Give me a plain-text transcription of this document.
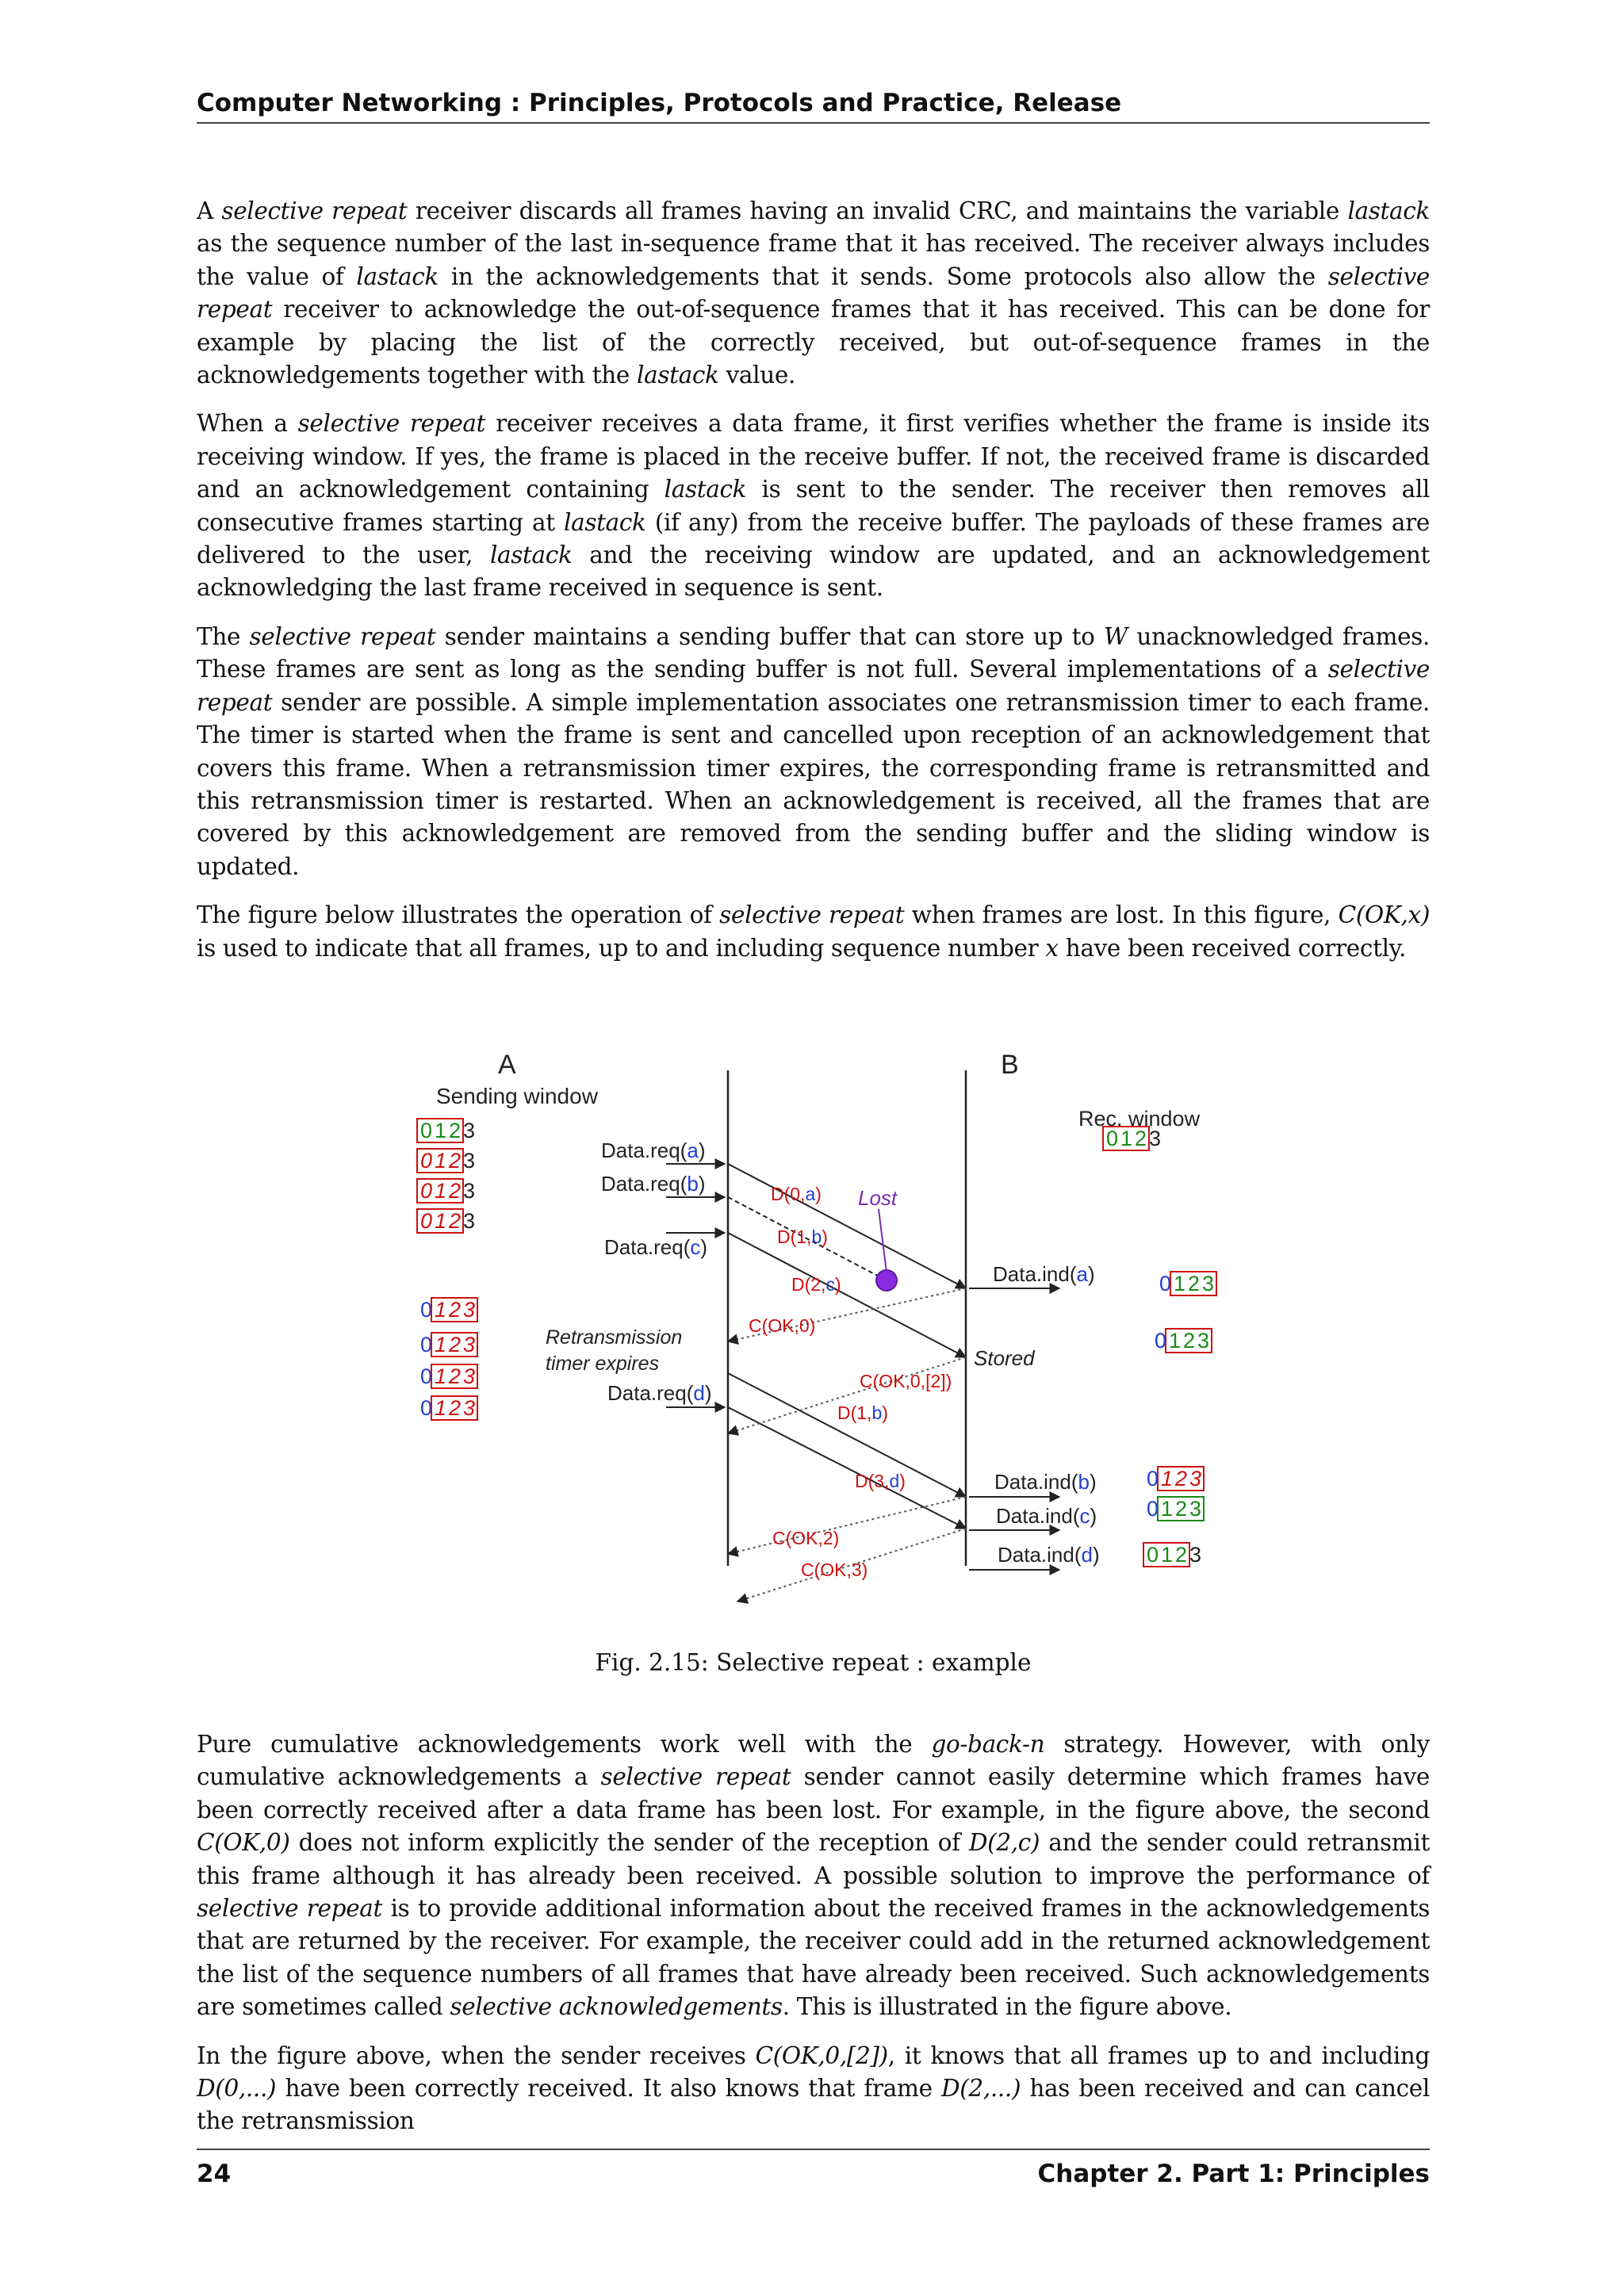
Computer Networking : Principles, Protocols and Practice, Release

A selective repeat receiver discards all frames having an invalid CRC, and maintains the variable lastack as the sequence number of the last in-sequence frame that it has received. The receiver always includes the value of lastack in the acknowledgements that it sends. Some protocols also allow the selective repeat receiver to acknowledge the out-of-sequence frames that it has received. This can be done for example by placing the list of the correctly received, but out-of-sequence frames in the acknowledgements together with the lastack value.

When a selective repeat receiver receives a data frame, it first verifies whether the frame is inside its receiving window. If yes, the frame is placed in the receive buffer. If not, the received frame is discarded and an acknowledgement containing lastack is sent to the sender. The receiver then removes all consecutive frames starting at lastack (if any) from the receive buffer. The payloads of these frames are delivered to the user, lastack and the receiving window are updated, and an acknowledgement acknowledging the last frame received in sequence is sent.

The selective repeat sender maintains a sending buffer that can store up to W unacknowledged frames. These frames are sent as long as the sending buffer is not full. Several implementations of a selective repeat sender are possible. A simple implementation associates one retransmission timer to each frame. The timer is started when the frame is sent and cancelled upon reception of an acknowledgement that covers this frame. When a retransmission timer expires, the corresponding frame is retransmitted and this retransmission timer is restarted. When an acknowledgement is received, all the frames that are covered by this acknowledgement are removed from the sending buffer and the sliding window is updated.

The figure below illustrates the operation of selective repeat when frames are lost. In this figure, C(OK,x) is used to indicate that all frames, up to and including sequence number x have been received correctly.

A
Sending window
B
Rec. window
Lost
Stored
Retransmission
timer expires
Data.req(a)
Data.req(b)
Data.req(c)
Data.req(d)
Data.ind(a)
Data.ind(b)
Data.ind(c)
Data.ind(d)
D(0,a)
D(1,b)
D(2,c)
C(OK,0)
C(OK,0,[2])
D(1,b)
D(3,d)
C(OK,2)
C(OK,3)
0 1 2 3
0 1 2 3
0 1 2 3
0 1 2 3
0 1 2 3
0 1 2 3
0 1 2 3
0 1 2 3
0 1 2 3
0 1 2 3
0 1 2 3
0 1 2 3
0 1 2 3
0 1 2 3
Fig. 2.15: Selective repeat : example

Pure cumulative acknowledgements work well with the go-back-n strategy. However, with only cumulative acknowledgements a selective repeat sender cannot easily determine which frames have been correctly received after a data frame has been lost. For example, in the figure above, the second C(OK,0) does not inform explicitly the sender of the reception of D(2,c) and the sender could retransmit this frame although it has already been received. A possible solution to improve the performance of selective repeat is to provide additional information about the received frames in the acknowledgements that are returned by the receiver. For example, the receiver could add in the returned acknowledgement the list of the sequence numbers of all frames that have already been received. Such acknowledgements are sometimes called selective acknowledgements. This is illustrated in the figure above.

In the figure above, when the sender receives C(OK,0,[2]), it knows that all frames up to and including D(0,...) have been correctly received. It also knows that frame D(2,...) has been received and can cancel the retransmission

24	Chapter 2. Part 1: Principles
